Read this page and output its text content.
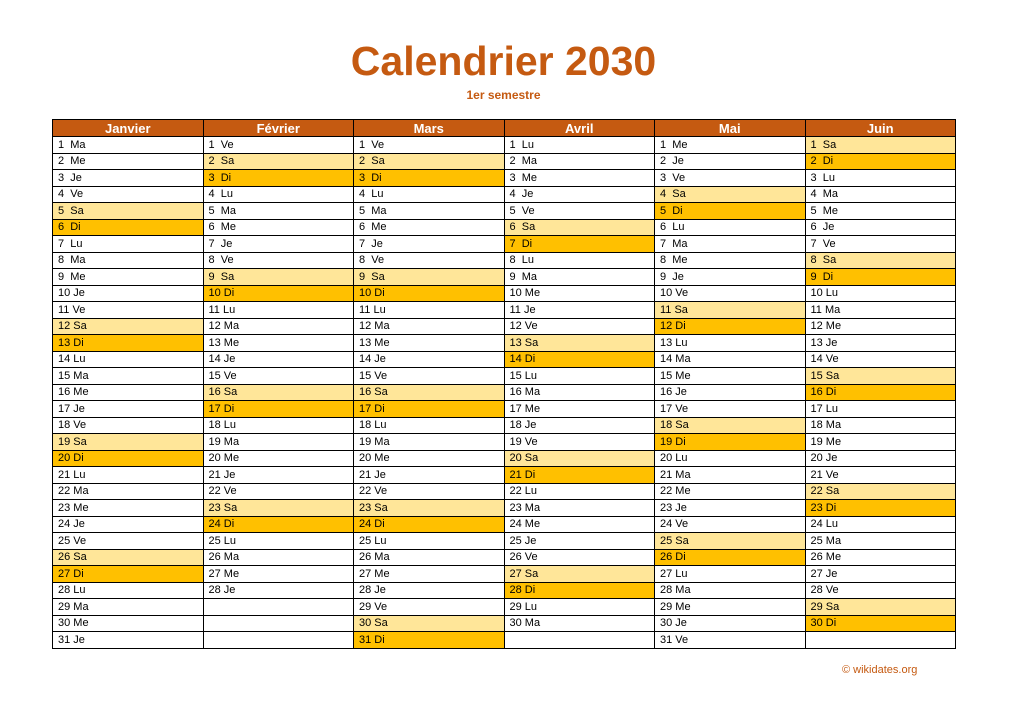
Calendrier 2030
1er semestre
Janvier	Février	Mars	Avril	Mai	Juin
1  Ma	1  Ve	1  Ve	1  Lu	1  Me	1  Sa
2  Me	2  Sa	2  Sa	2  Ma	2  Je	2  Di
3  Je	3  Di	3  Di	3  Me	3  Ve	3  Lu
4  Ve	4  Lu	4  Lu	4  Je	4  Sa	4  Ma
5  Sa	5  Ma	5  Ma	5  Ve	5  Di	5  Me
6  Di	6  Me	6  Me	6  Sa	6  Lu	6  Je
7  Lu	7  Je	7  Je	7  Di	7  Ma	7  Ve
8  Ma	8  Ve	8  Ve	8  Lu	8  Me	8  Sa
9  Me	9  Sa	9  Sa	9  Ma	9  Je	9  Di
10 Je	10 Di	10 Di	10 Me	10 Ve	10 Lu
11 Ve	11 Lu	11 Lu	11 Je	11 Sa	11 Ma
12 Sa	12 Ma	12 Ma	12 Ve	12 Di	12 Me
13 Di	13 Me	13 Me	13 Sa	13 Lu	13 Je
14 Lu	14 Je	14 Je	14 Di	14 Ma	14 Ve
15 Ma	15 Ve	15 Ve	15 Lu	15 Me	15 Sa
16 Me	16 Sa	16 Sa	16 Ma	16 Je	16 Di
17 Je	17 Di	17 Di	17 Me	17 Ve	17 Lu
18 Ve	18 Lu	18 Lu	18 Je	18 Sa	18 Ma
19 Sa	19 Ma	19 Ma	19 Ve	19 Di	19 Me
20 Di	20 Me	20 Me	20 Sa	20 Lu	20 Je
21 Lu	21 Je	21 Je	21 Di	21 Ma	21 Ve
22 Ma	22 Ve	22 Ve	22 Lu	22 Me	22 Sa
23 Me	23 Sa	23 Sa	23 Ma	23 Je	23 Di
24 Je	24 Di	24 Di	24 Me	24 Ve	24 Lu
25 Ve	25 Lu	25 Lu	25 Je	25 Sa	25 Ma
26 Sa	26 Ma	26 Ma	26 Ve	26 Di	26 Me
27 Di	27 Me	27 Me	27 Sa	27 Lu	27 Je
28 Lu	28 Je	28 Je	28 Di	28 Ma	28 Ve
29 Ma		29 Ve	29 Lu	29 Me	29 Sa
30 Me		30 Sa	30 Ma	30 Je	30 Di
31 Je		31 Di		31 Ve	
© wikidates.org
